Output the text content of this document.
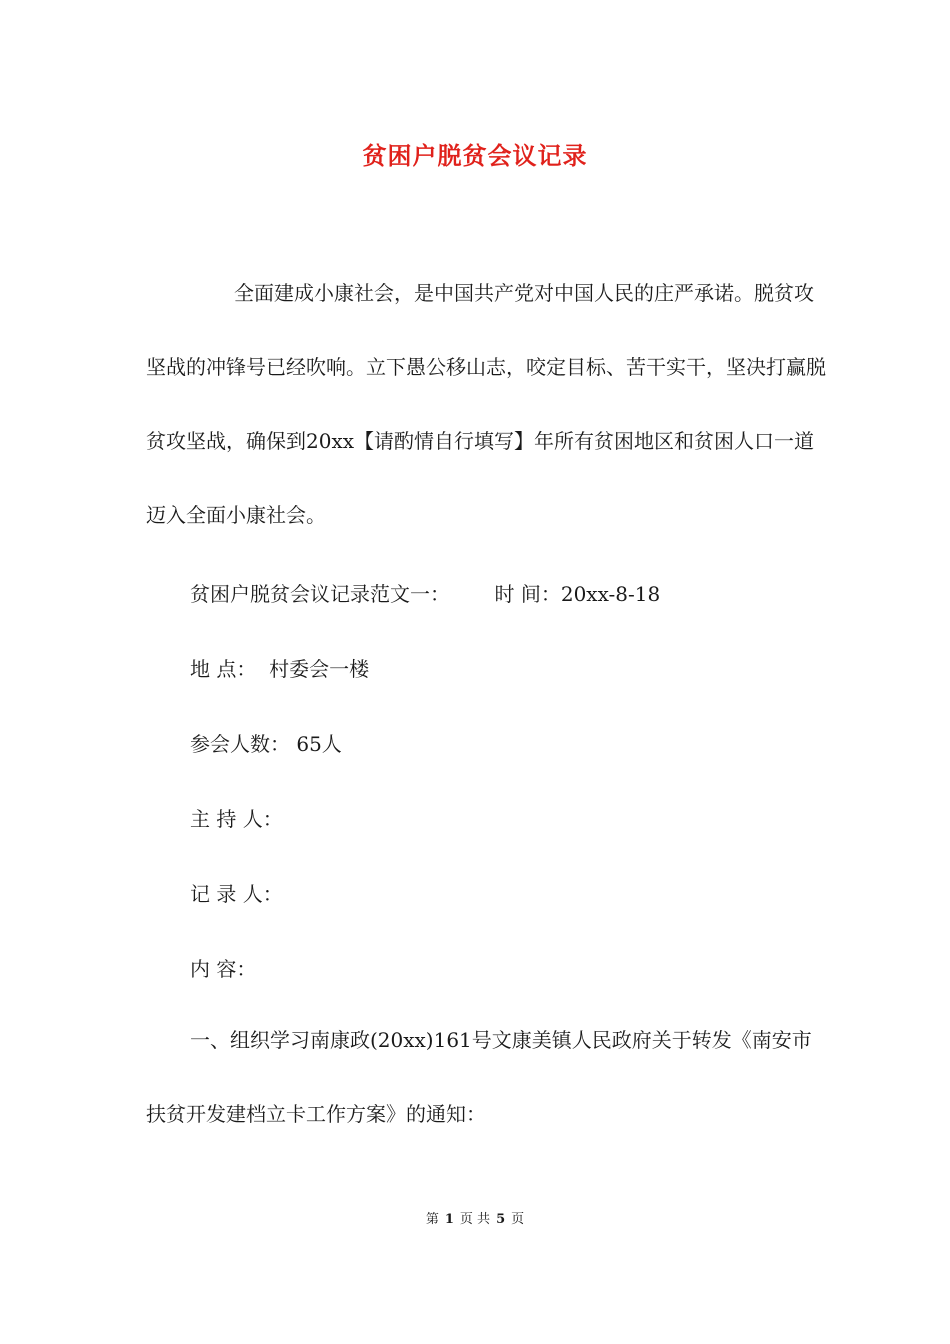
贫困户脱贫会议记录
全面建成小康社会，是中国共产党对中国人民的庄严承诺。脱贫攻坚战的冲锋号已经吹响。立下愚公移山志，咬定目标、苦干实干，坚决打赢脱贫攻坚战，确保到20xx【请酌情自行填写】年所有贫困地区和贫困人口一道迈入全面小康社会。
贫困户脱贫会议记录范文一：       时 间：20xx-8-18
地 点：  村委会一楼
参会人数： 65人
主 持 人：
记 录 人：
内 容：
一、组织学习南康政(20xx)161号文康美镇人民政府关于转发《南安市扶贫开发建档立卡工作方案》的通知：
第 1 页 共 5 页
